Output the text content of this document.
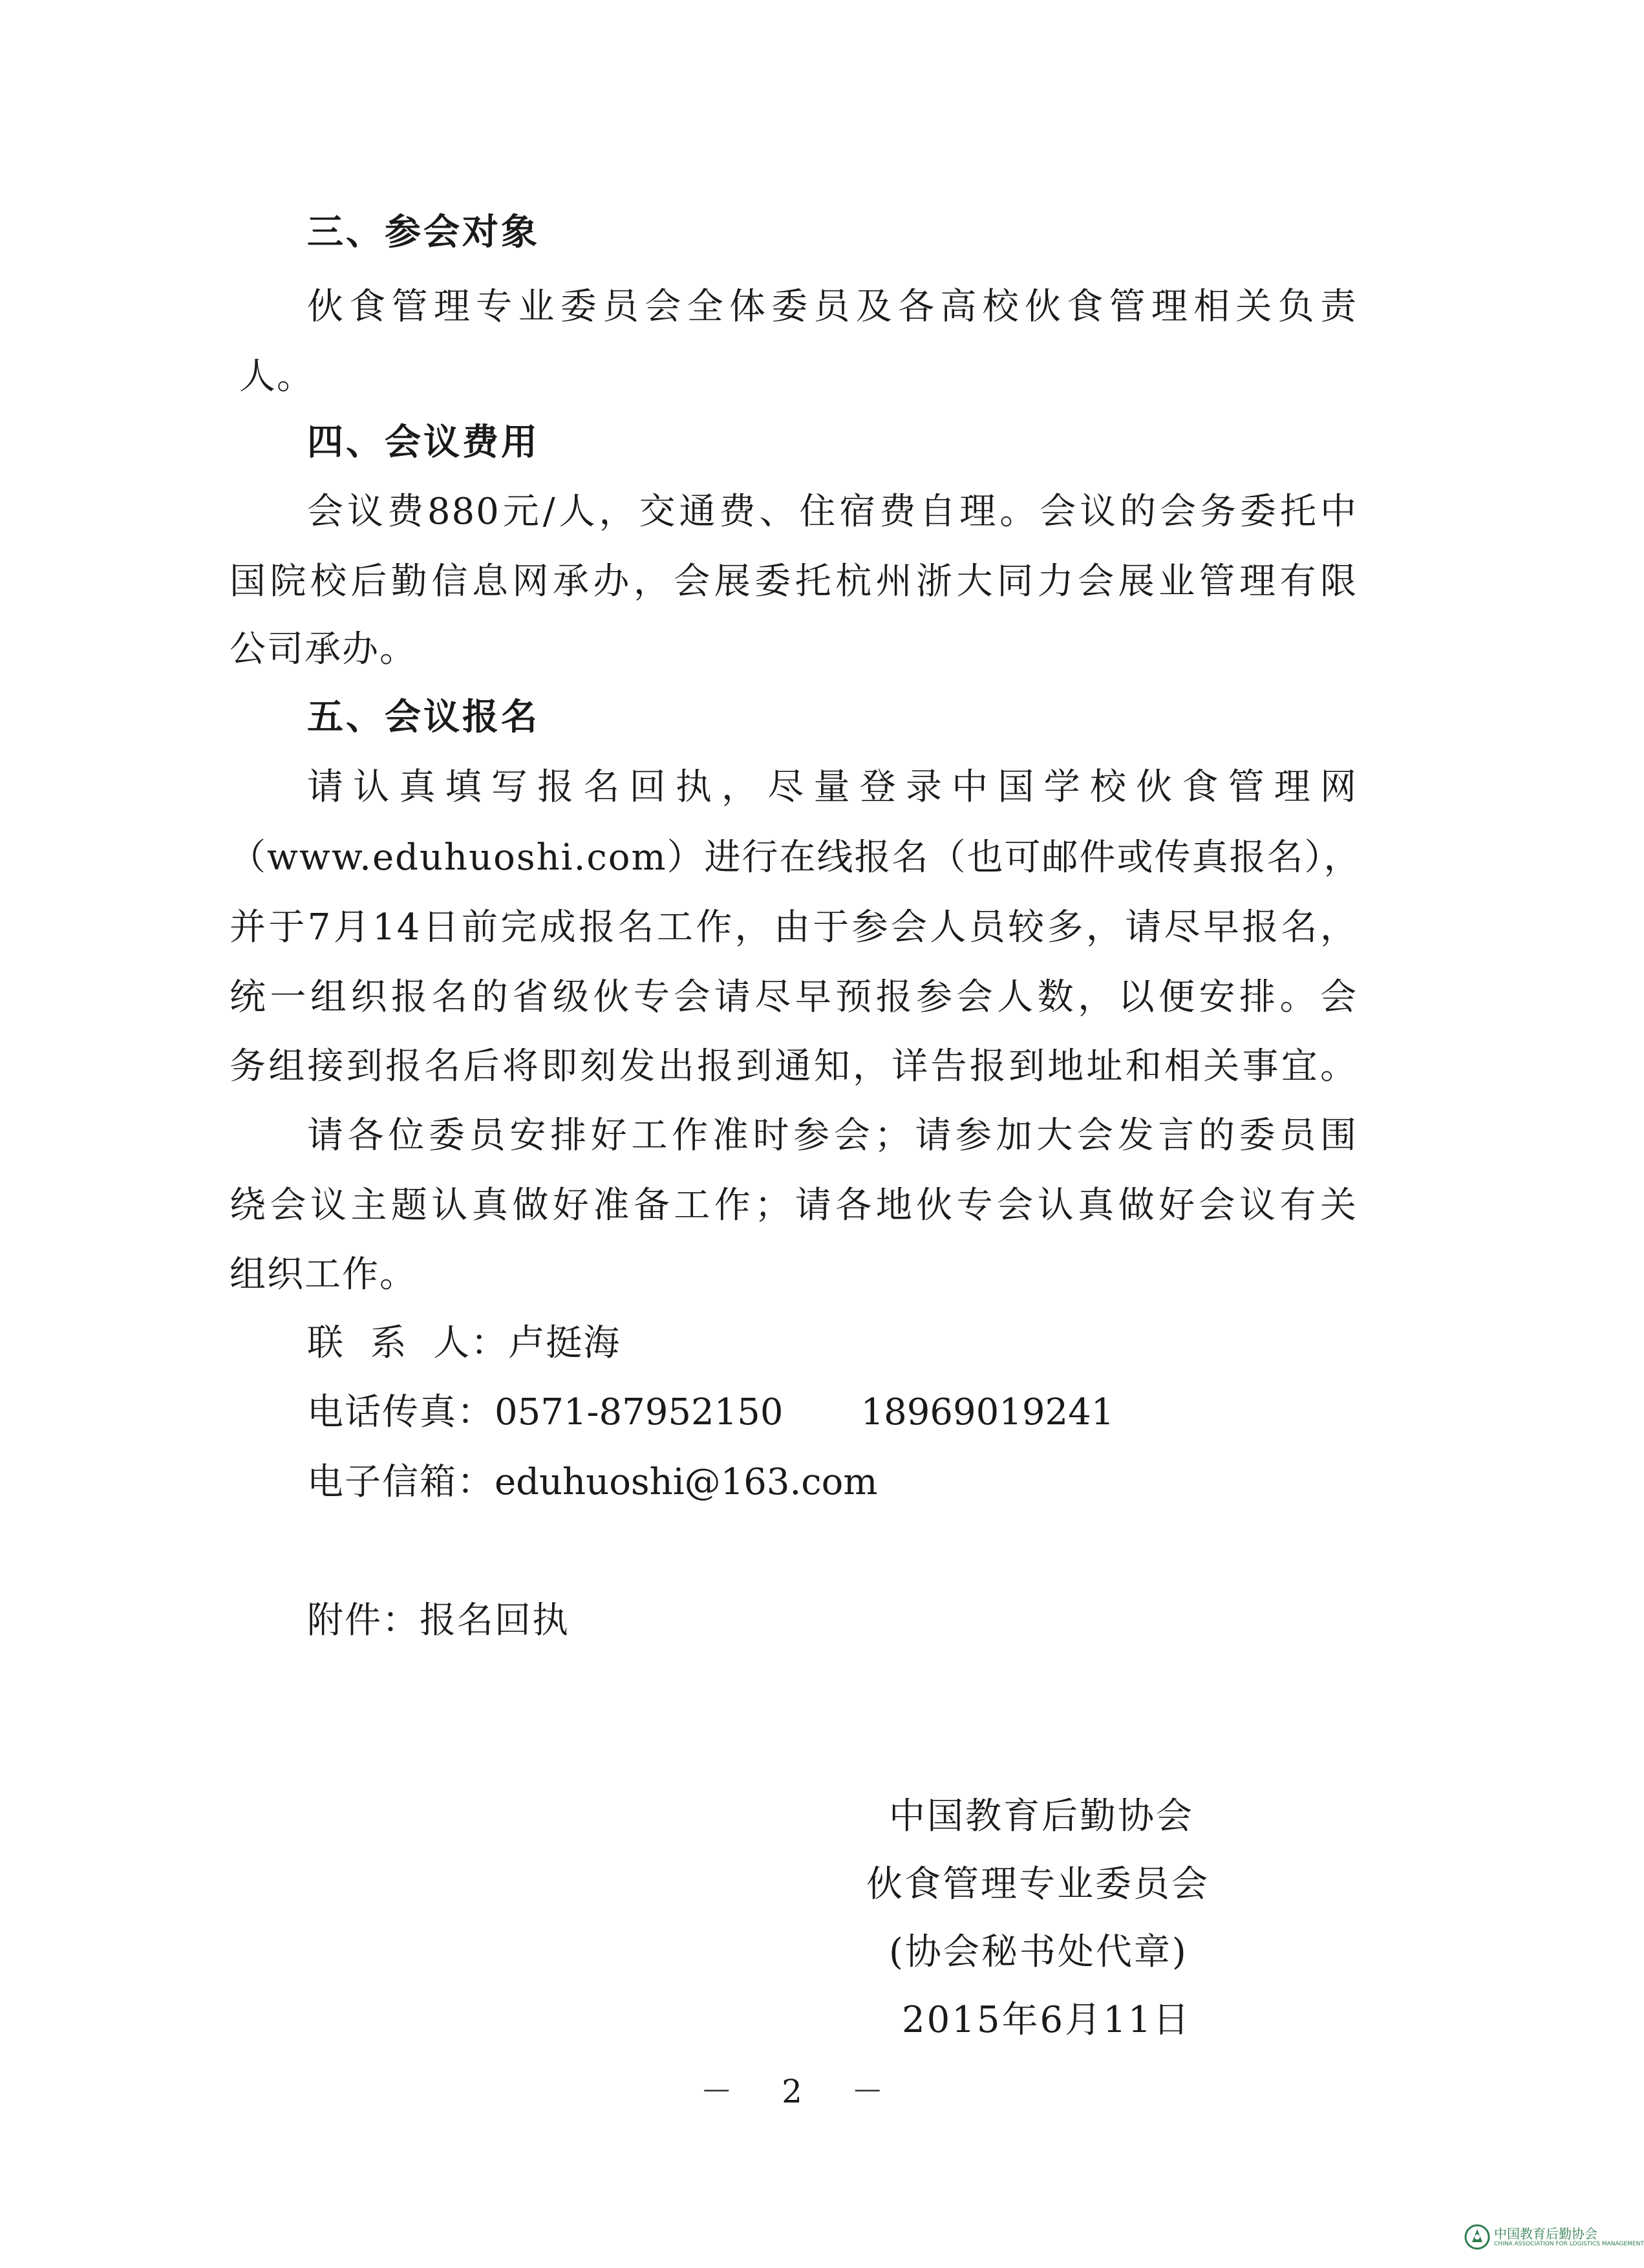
三、参会对象
伙食管理专业委员会全体委员及各高校伙食管理相关负责
人。
四、会议费用
会议费880元/人，交通费、住宿费自理。会议的会务委托中
国院校后勤信息网承办，会展委托杭州浙大同力会展业管理有限
公司承办。
五、会议报名
请认真填写报名回执，尽量登录中国学校伙食管理网
（www.eduhuoshi.com）进行在线报名（也可邮件或传真报名），
并于7月14日前完成报名工作，由于参会人员较多，请尽早报名，
统一组织报名的省级伙专会请尽早预报参会人数，以便安排。会
务组接到报名后将即刻发出报到通知，详告报到地址和相关事宜。
请各位委员安排好工作准时参会；请参加大会发言的委员围
绕会议主题认真做好准备工作；请各地伙专会认真做好会议有关
组织工作。
联  系  人：卢挺海
电话传真：0571-87952150 18969019241
电子信箱：eduhuoshi@163.com
附件：报名回执
中国教育后勤协会
伙食管理专业委员会
(协会秘书处代章)
2015年6月11日
－ 2 －
中国教育后勤协会
CHINA ASSOCIATION FOR LOGISTICS MANAGEMENT
